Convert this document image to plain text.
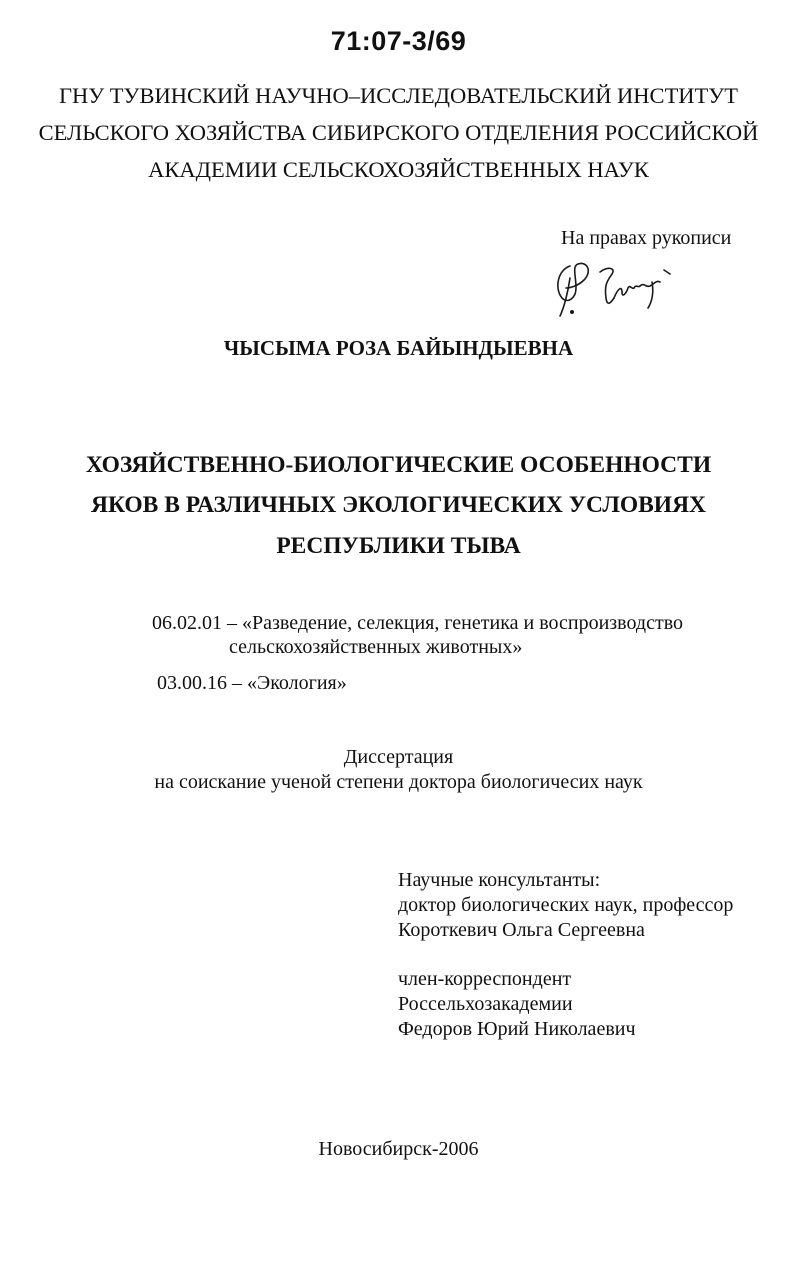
71:07-3/69
ГНУ ТУВИНСКИЙ НАУЧНО–ИССЛЕДОВАТЕЛЬСКИЙ ИНСТИТУТ
СЕЛЬСКОГО ХОЗЯЙСТВА СИБИРСКОГО ОТДЕЛЕНИЯ РОССИЙСКОЙ
АКАДЕМИИ СЕЛЬСКОХОЗЯЙСТВЕННЫХ НАУК
На правах рукописи
ЧЫСЫМА РОЗА БАЙЫНДЫЕВНА
ХОЗЯЙСТВЕННО-БИОЛОГИЧЕСКИЕ ОСОБЕННОСТИ
ЯКОВ В РАЗЛИЧНЫХ ЭКОЛОГИЧЕСКИХ УСЛОВИЯХ
РЕСПУБЛИКИ ТЫВА
06.02.01 – «Разведение, селекция, генетика и воспроизводство
сельскохозяйственных животных»
03.00.16 – «Экология»
Диссертация
на соискание ученой степени доктора биологичесих наук
Научные консультанты:
доктор биологических наук, профессор
Короткевич Ольга Сергеевна
член-корреспондент
Россельхозакадемии
Федоров Юрий Николаевич
Новосибирск-2006
